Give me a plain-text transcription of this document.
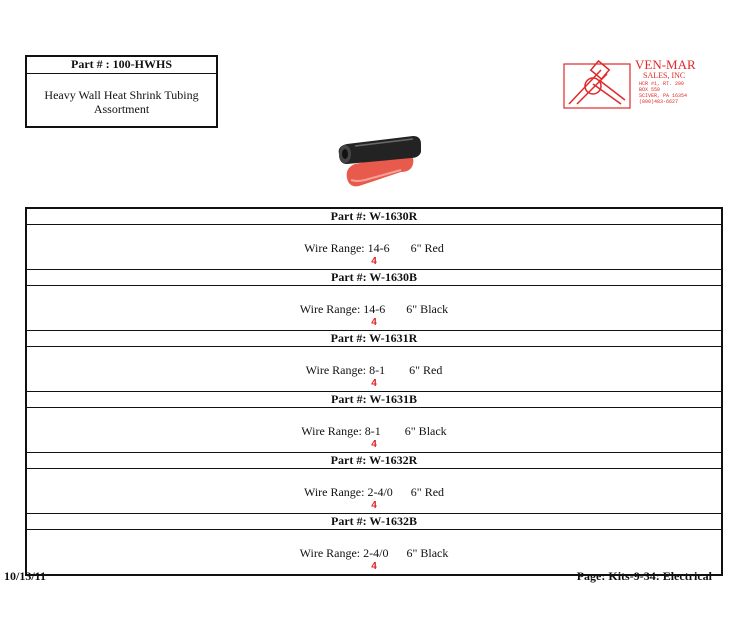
Part # : 100-HWHS
Heavy Wall Heat Shrink Tubing
Assortment
VEN-MAR
SALES, INC
HCR #1, RT. 200
BOX 550
SCIVER, PA 16354
(800)483-6627
Part #: W-1630R
Wire Range: 14-6       6" Red
4
Part #: W-1630B
Wire Range: 14-6       6" Black
4
Part #: W-1631R
Wire Range: 8-1        6" Red
4
Part #: W-1631B
Wire Range: 8-1        6" Black
4
Part #: W-1632R
Wire Range: 2-4/0      6" Red
4
Part #: W-1632B
Wire Range: 2-4/0      6" Black
4
10/13/11	Page: Kits-9-34: Electrical
